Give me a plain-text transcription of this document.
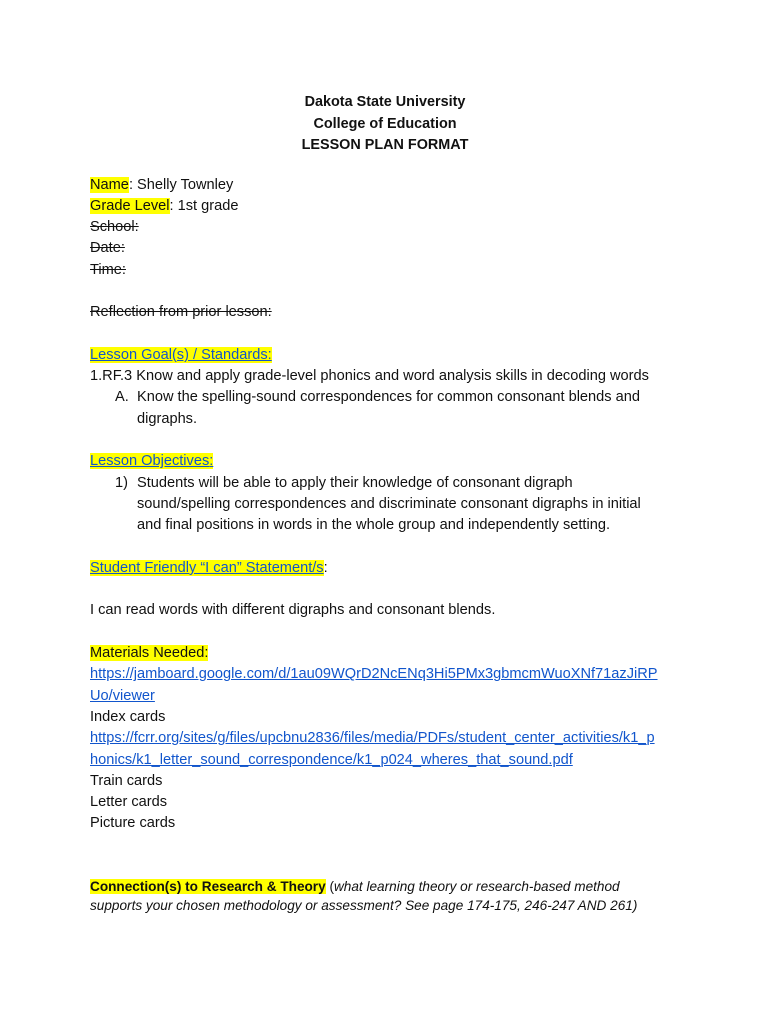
Dakota State University
College of Education
LESSON PLAN FORMAT
Name: Shelly Townley
Grade Level: 1st grade
School:
Date:
Time:
Reflection from prior lesson:
Lesson Goal(s) / Standards:
1.RF.3 Know and apply grade-level phonics and word analysis skills in decoding words
A. Know the spelling-sound correspondences for common consonant blends and
digraphs.
Lesson Objectives:
1) Students will be able to apply their knowledge of consonant digraph
sound/spelling correspondences and discriminate consonant digraphs in initial
and final positions in words in the whole group and independently setting.
Student Friendly “I can” Statement/s:
I can read words with different digraphs and consonant blends.
Materials Needed:
https://jamboard.google.com/d/1au09WQrD2NcENq3Hi5PMx3gbmcmWuoXNf71azJiRP
Uo/viewer
Index cards
https://fcrr.org/sites/g/files/upcbnu2836/files/media/PDFs/student_center_activities/k1_p
honics/k1_letter_sound_correspondence/k1_p024_wheres_that_sound.pdf
Train cards
Letter cards
Picture cards
Connection(s) to Research & Theory (what learning theory or research-based method
supports your chosen methodology or assessment? See page 174-175, 246-247 AND 261)
